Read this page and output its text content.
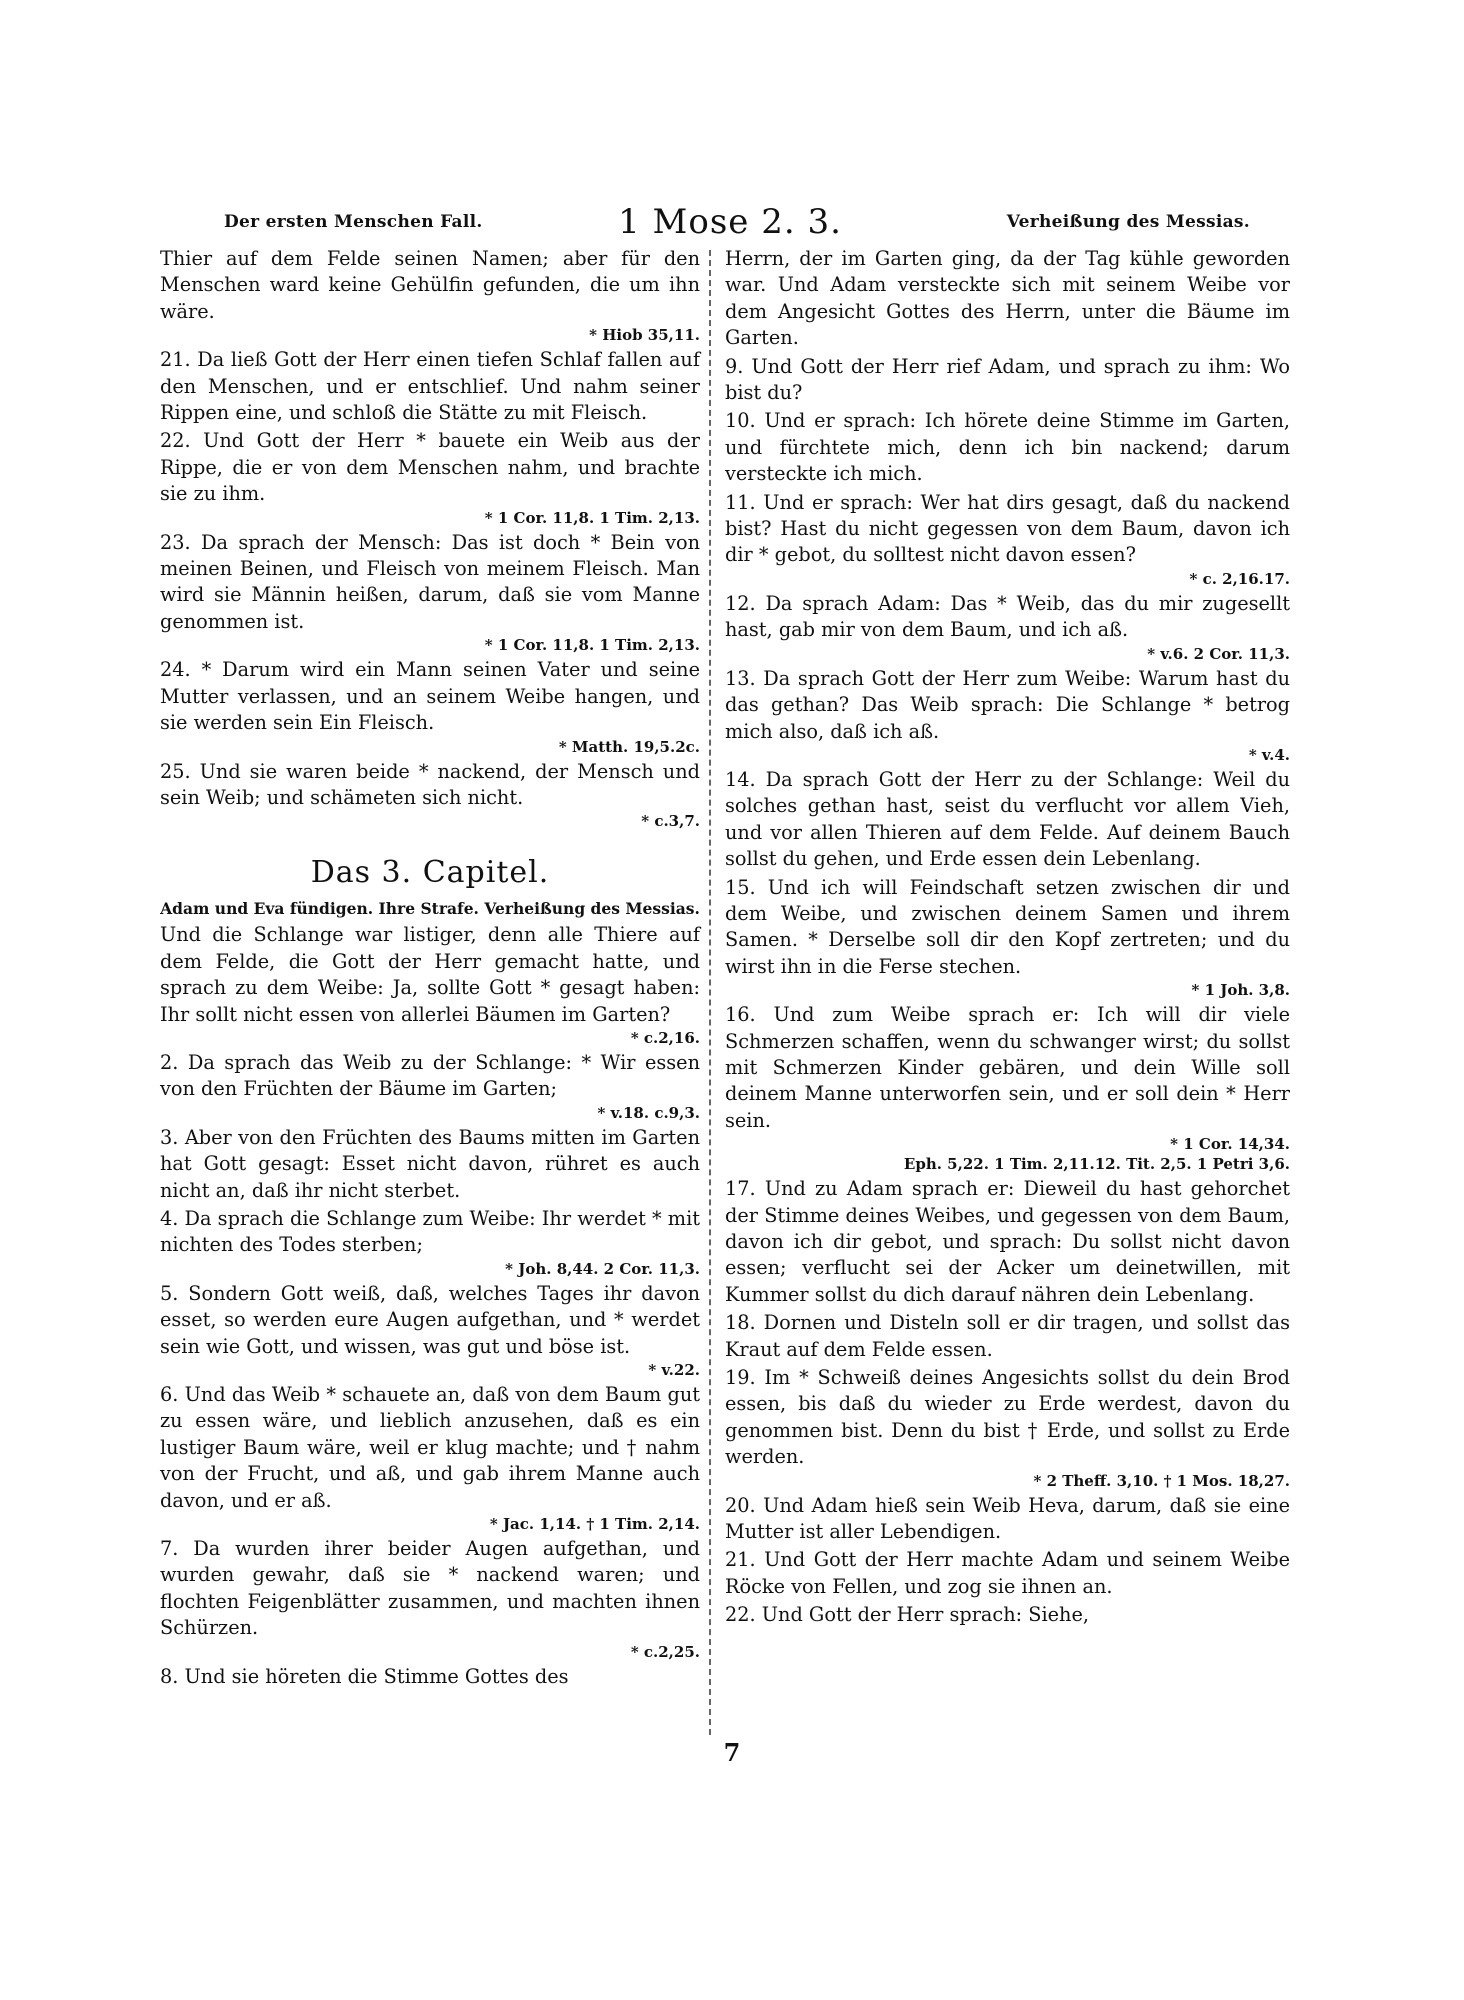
Der ersten Menschen Fall.	1 Mose 2. 3.	Verheißung des Messias.

Thier auf dem Felde seinen Namen; aber für den Menschen ward keine Gehülfin gefunden, die um ihn wäre.
* Hiob 35,11.

21. Da ließ Gott der Herr einen tiefen Schlaf fallen auf den Menschen, und er entschlief. Und nahm seiner Rippen eine, und schloß die Stätte zu mit Fleisch.

22. Und Gott der Herr * bauete ein Weib aus der Rippe, die er von dem Menschen nahm, und brachte sie zu ihm.
* 1 Cor. 11,8. 1 Tim. 2,13.

23. Da sprach der Mensch: Das ist doch * Bein von meinen Beinen, und Fleisch von meinem Fleisch. Man wird sie Männin heißen, darum, daß sie vom Manne genommen ist.
* 1 Cor. 11,8. 1 Tim. 2,13.

24. * Darum wird ein Mann seinen Vater und seine Mutter verlassen, und an seinem Weibe hangen, und sie werden sein Ein Fleisch.
* Matth. 19,5.2c.

25. Und sie waren beide * nackend, der Mensch und sein Weib; und schämeten sich nicht.
* c.3,7.

Das 3. Capitel.
Adam und Eva fündigen. Ihre Strafe. Verheißung des Messias.

Und die Schlange war listiger, denn alle Thiere auf dem Felde, die Gott der Herr gemacht hatte, und sprach zu dem Weibe: Ja, sollte Gott * gesagt haben: Ihr sollt nicht essen von allerlei Bäumen im Garten?
* c.2,16.

2. Da sprach das Weib zu der Schlange: * Wir essen von den Früchten der Bäume im Garten;
* v.18. c.9,3.

3. Aber von den Früchten des Baums mitten im Garten hat Gott gesagt: Esset nicht davon, rühret es auch nicht an, daß ihr nicht sterbet.

4. Da sprach die Schlange zum Weibe: Ihr werdet * mit nichten des Todes sterben;
* Joh. 8,44. 2 Cor. 11,3.

5. Sondern Gott weiß, daß, welches Tages ihr davon esset, so werden eure Augen aufgethan, und * werdet sein wie Gott, und wissen, was gut und böse ist.
* v.22.

6. Und das Weib * schauete an, daß von dem Baum gut zu essen wäre, und lieblich anzusehen, daß es ein lustiger Baum wäre, weil er klug machte; und † nahm von der Frucht, und aß, und gab ihrem Manne auch davon, und er aß.
* Jac. 1,14. † 1 Tim. 2,14.

7. Da wurden ihrer beider Augen aufgethan, und wurden gewahr, daß sie * nackend waren; und flochten Feigenblätter zusammen, und machten ihnen Schürzen.
* c.2,25.

8. Und sie höreten die Stimme Gottes des

Herrn, der im Garten ging, da der Tag kühle geworden war. Und Adam versteckte sich mit seinem Weibe vor dem Angesicht Gottes des Herrn, unter die Bäume im Garten.

9. Und Gott der Herr rief Adam, und sprach zu ihm: Wo bist du?

10. Und er sprach: Ich hörete deine Stimme im Garten, und fürchtete mich, denn ich bin nackend; darum versteckte ich mich.

11. Und er sprach: Wer hat dirs gesagt, daß du nackend bist? Hast du nicht gegessen von dem Baum, davon ich dir * gebot, du solltest nicht davon essen?
* c. 2,16.17.

12. Da sprach Adam: Das * Weib, das du mir zugesellt hast, gab mir von dem Baum, und ich aß.
* v.6. 2 Cor. 11,3.

13. Da sprach Gott der Herr zum Weibe: Warum hast du das gethan? Das Weib sprach: Die Schlange * betrog mich also, daß ich aß.
* v.4.

14. Da sprach Gott der Herr zu der Schlange: Weil du solches gethan hast, seist du verflucht vor allem Vieh, und vor allen Thieren auf dem Felde. Auf deinem Bauch sollst du gehen, und Erde essen dein Lebenlang.

15. Und ich will Feindschaft setzen zwischen dir und dem Weibe, und zwischen deinem Samen und ihrem Samen. * Derselbe soll dir den Kopf zertreten; und du wirst ihn in die Ferse stechen.
* 1 Joh. 3,8.

16. Und zum Weibe sprach er: Ich will dir viele Schmerzen schaffen, wenn du schwanger wirst; du sollst mit Schmerzen Kinder gebären, und dein Wille soll deinem Manne unterworfen sein, und er soll dein * Herr sein.
* 1 Cor. 14,34.
Eph. 5,22. 1 Tim. 2,11.12. Tit. 2,5. 1 Petri 3,6.

17. Und zu Adam sprach er: Dieweil du hast gehorchet der Stimme deines Weibes, und gegessen von dem Baum, davon ich dir gebot, und sprach: Du sollst nicht davon essen; verflucht sei der Acker um deinetwillen, mit Kummer sollst du dich darauf nähren dein Lebenlang.

18. Dornen und Disteln soll er dir tragen, und sollst das Kraut auf dem Felde essen.

19. Im * Schweiß deines Angesichts sollst du dein Brod essen, bis daß du wieder zu Erde werdest, davon du genommen bist. Denn du bist † Erde, und sollst zu Erde werden.
* 2 Theff. 3,10. † 1 Mos. 18,27.

20. Und Adam hieß sein Weib Heva, darum, daß sie eine Mutter ist aller Lebendigen.

21. Und Gott der Herr machte Adam und seinem Weibe Röcke von Fellen, und zog sie ihnen an.

22. Und Gott der Herr sprach: Siehe,

7
